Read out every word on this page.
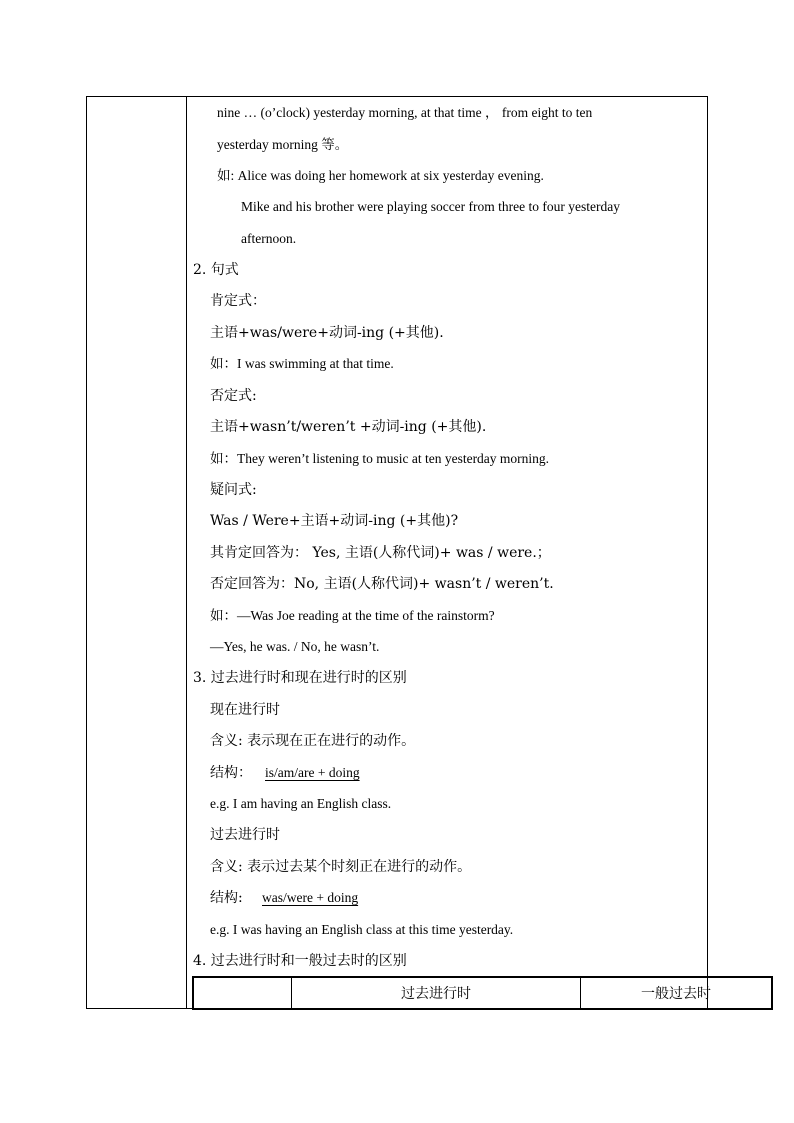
nine … (o’clock) yesterday morning, at that time ， from eight to ten
yesterday morning 等。
如: Alice was doing her homework at six yesterday evening.
Mike and his brother were playing soccer from three to four yesterday
afternoon.
2. 句式
肯定式：
主语+was/were+动词-ing (+其他).
如：I was swimming at that time.
否定式:
主语+wasn’t/weren’t +动词-ing (+其他).
如：They weren’t listening to music at ten yesterday morning.
疑问式:
Was / Were+主语+动词-ing (+其他)?
其肯定回答为： Yes, 主语(人称代词)+ was / were.；
否定回答为：No, 主语(人称代词)+ wasn’t / weren’t.
如：—Was Joe reading at the time of the rainstorm?
—Yes, he was. / No, he wasn’t.
3. 过去进行时和现在进行时的区别
现在进行时
含义: 表示现在正在进行的动作。
结构： is/am/are + doing
e.g. I am having an English class.
过去进行时
含义: 表示过去某个时刻正在进行的动作。
结构: was/were + doing
e.g. I was having an English class at this time yesterday.
4. 过去进行时和一般过去时的区别
过去进行时	一般过去时
